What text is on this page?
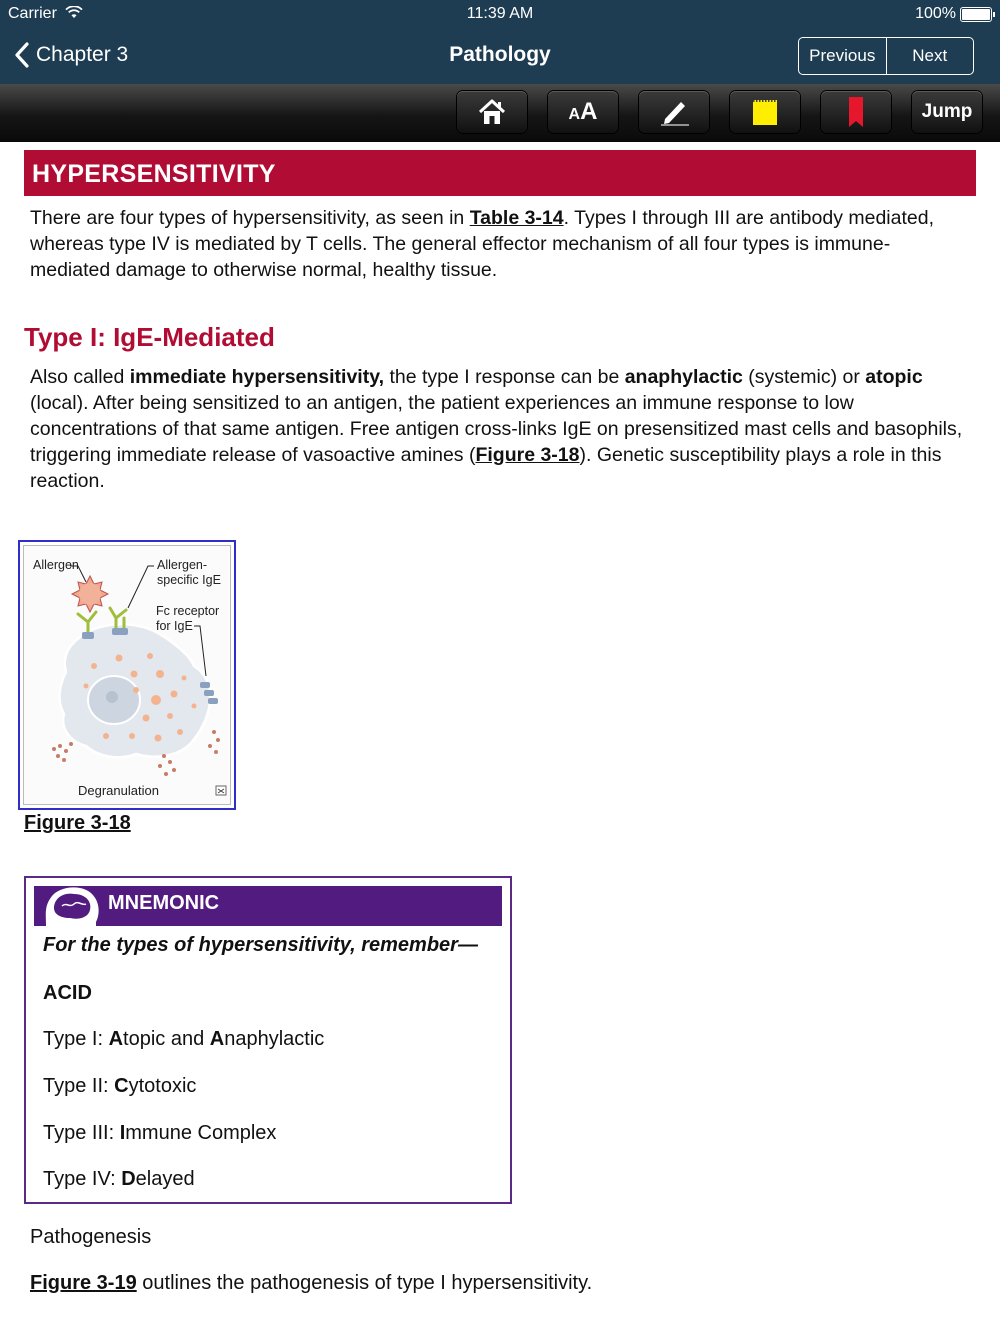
Carrier	11:39 AM	100%
Chapter 3	Pathology	Previous	Next
AA	Jump
HYPERSENSITIVITY
There are four types of hypersensitivity, as seen in Table 3-14. Types I through III are antibody mediated, whereas type IV is mediated by T cells. The general effector mechanism of all four types is immune-mediated damage to otherwise normal, healthy tissue.
Type I: IgE-Mediated
Also called immediate hypersensitivity, the type I response can be anaphylactic (systemic) or atopic (local). After being sensitized to an antigen, the patient experiences an immune response to low concentrations of that same antigen. Free antigen cross-links IgE on presensitized mast cells and basophils, triggering immediate release of vasoactive amines (Figure 3-18). Genetic susceptibility plays a role in this reaction.
Allergen	Allergen-
specific IgE
Fc receptor
for IgE
Degranulation
Figure 3-18
MNEMONIC
For the types of hypersensitivity, remember—
ACID
Type I: Atopic and Anaphylactic
Type II: Cytotoxic
Type III: Immune Complex
Type IV: Delayed
Pathogenesis
Figure 3-19 outlines the pathogenesis of type I hypersensitivity.
